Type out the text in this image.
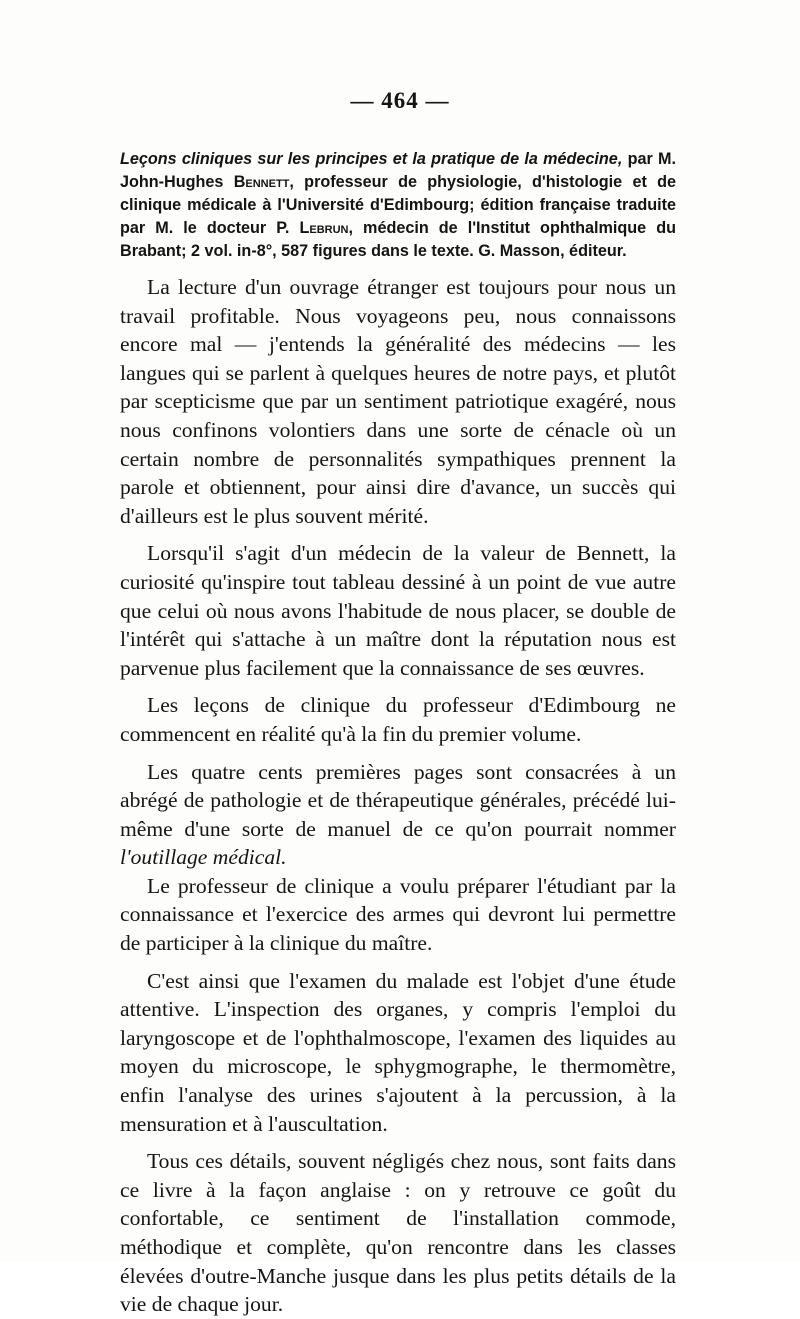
— 464 —
Leçons cliniques sur les principes et la pratique de la médecine, par M. John-Hughes Bennett, professeur de physiologie, d'histologie et de clinique médicale à l'Université d'Edimbourg; édition française traduite par M. le docteur P. Lebrun, médecin de l'Institut ophthalmique du Brabant; 2 vol. in-8°, 587 figures dans le texte. G. Masson, éditeur.

La lecture d'un ouvrage étranger est toujours pour nous un travail profitable. Nous voyageons peu, nous connaissons encore mal — j'entends la généralité des médecins — les langues qui se parlent à quelques heures de notre pays, et plutôt par scepticisme que par un sentiment patriotique exagéré, nous nous confinons volontiers dans une sorte de cénacle où un certain nombre de personnalités sympathiques prennent la parole et obtiennent, pour ainsi dire d'avance, un succès qui d'ailleurs est le plus souvent mérité.

Lorsqu'il s'agit d'un médecin de la valeur de Bennett, la curiosité qu'inspire tout tableau dessiné à un point de vue autre que celui où nous avons l'habitude de nous placer, se double de l'intérêt qui s'attache à un maître dont la réputation nous est parvenue plus facilement que la connaissance de ses œuvres.

Les leçons de clinique du professeur d'Edimbourg ne commencent en réalité qu'à la fin du premier volume.

Les quatre cents premières pages sont consacrées à un abrégé de pathologie et de thérapeutique générales, précédé lui-même d'une sorte de manuel de ce qu'on pourrait nommer l'outillage médical.

Le professeur de clinique a voulu préparer l'étudiant par la connaissance et l'exercice des armes qui devront lui permettre de participer à la clinique du maître.

C'est ainsi que l'examen du malade est l'objet d'une étude attentive. L'inspection des organes, y compris l'emploi du laryngoscope et de l'ophthalmoscope, l'examen des liquides au moyen du microscope, le sphygmographe, le thermomètre, enfin l'analyse des urines s'ajoutent à la percussion, à la mensuration et à l'auscultation.

Tous ces détails, souvent négligés chez nous, sont faits dans ce livre à la façon anglaise : on y retrouve ce goût du confortable, ce sentiment de l'installation commode, méthodique et complète, qu'on rencontre dans les classes élevées d'outre-Manche jusque dans les plus petits détails de la vie de chaque jour.
